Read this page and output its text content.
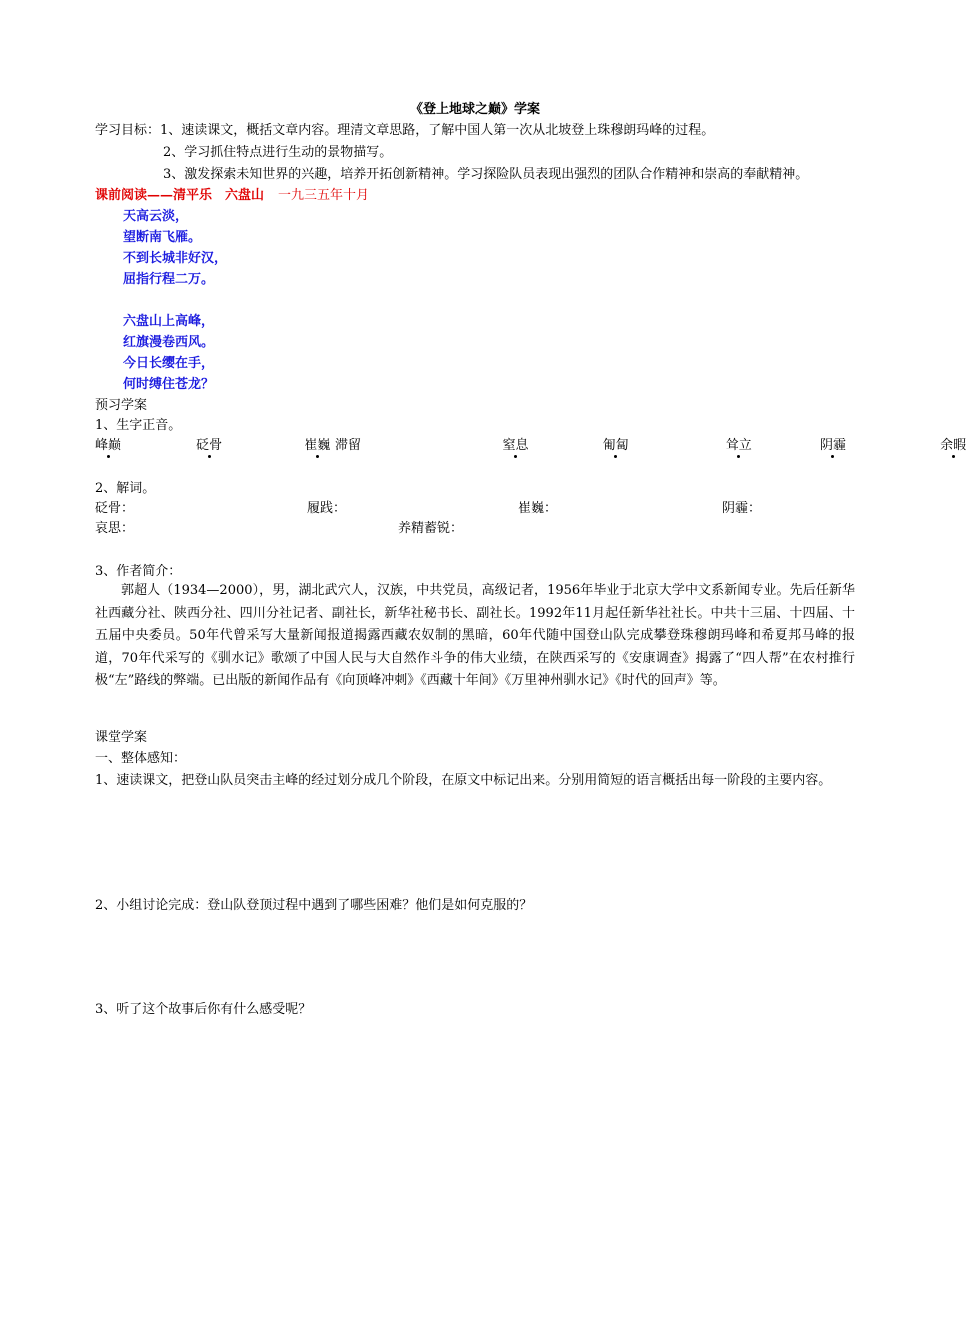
《登上地球之巅》学案
学习目标：1、速读课文，概括文章内容。理清文章思路，了解中国人第一次从北坡登上珠穆朗玛峰的过程。
2、学习抓住特点进行生动的景物描写。
3、激发探索未知世界的兴趣，培养开拓创新精神。学习探险队员表现出强烈的团队合作精神和崇高的奉献精神。
课前阅读——清平乐　六盘山 一九三五年十月
天高云淡，
望断南飞雁。
不到长城非好汉，
屈指行程二万。
六盘山上高峰，
红旗漫卷西风。
今日长缨在手，
何时缚住苍龙？
预习学案
1、生字正音。
峰巅	砭骨	崔巍 滞留	窒息	匍匐	耸立	阴霾	余暇
2、解词。
砭骨：	履践：	崔巍：	阴霾：
哀思：	养精蓄锐：
3、作者简介：
郭超人（1934—2000），男，湖北武穴人，汉族，中共党员，高级记者，1956年毕业于北京大学中文系新闻专业。先后任新华社西藏分社、陕西分社、四川分社记者、副社长，新华社秘书长、副社长。1992年11月起任新华社社长。中共十三届、十四届、十五届中央委员。50年代曾采写大量新闻报道揭露西藏农奴制的黑暗，60年代随中国登山队完成攀登珠穆朗玛峰和希夏邦马峰的报道，70年代采写的《驯水记》歌颂了中国人民与大自然作斗争的伟大业绩，在陕西采写的《安康调查》揭露了“四人帮”在农村推行极“左”路线的弊端。已出版的新闻作品有《向顶峰冲刺》《西藏十年间》《万里神州驯水记》《时代的回声》等。
课堂学案
一、整体感知：
1、速读课文，把登山队员突击主峰的经过划分成几个阶段，在原文中标记出来。分别用简短的语言概括出每一阶段的主要内容。
2、小组讨论完成：登山队登顶过程中遇到了哪些困难？他们是如何克服的？
3、听了这个故事后你有什么感受呢？
